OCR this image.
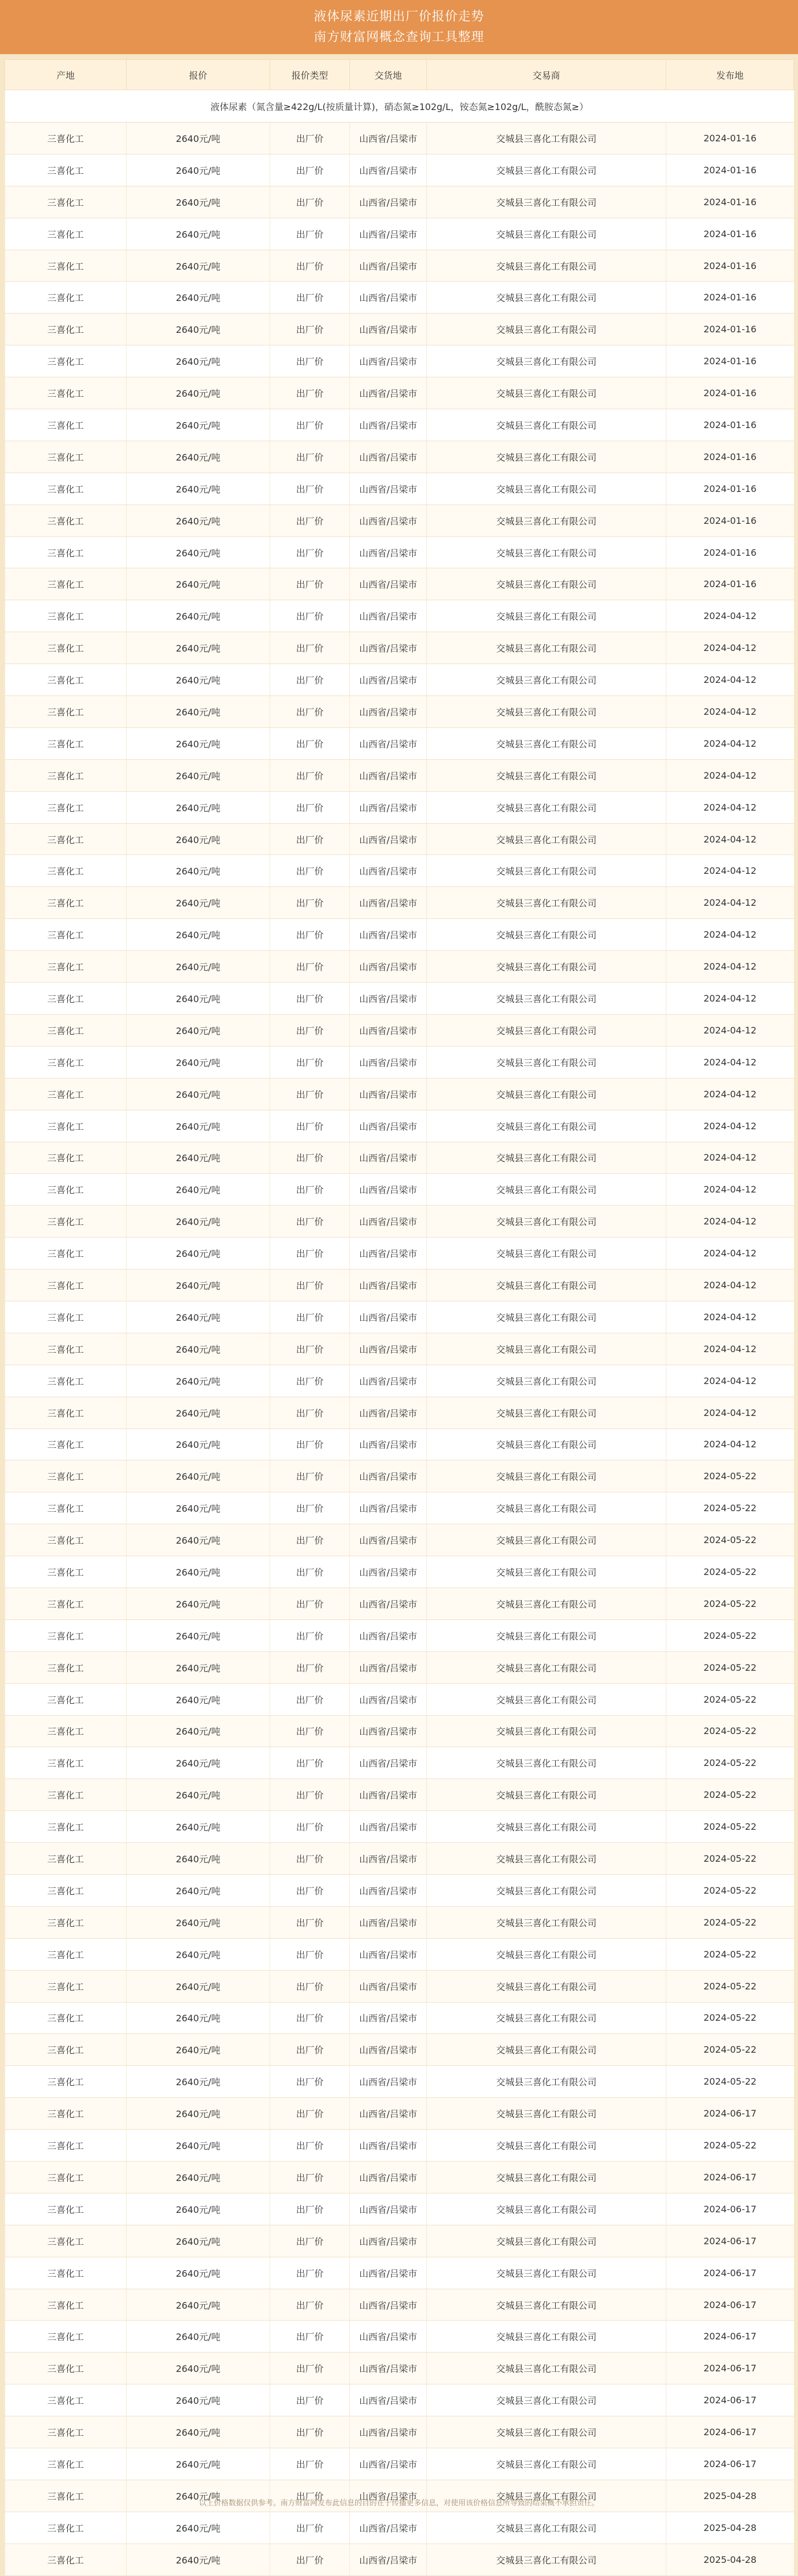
液体尿素近期出厂价报价走势
南方财富网概念查询工具整理
产地	报价	报价类型	交货地	交易商	发布地
液体尿素（氮含量≥422g/L(按质量计算)，硝态氮≥102g/L，铵态氮≥102g/L，酰胺态氮≥）					
三喜化工	2640元/吨	出厂价	山西省/吕梁市	交城县三喜化工有限公司	2024-01-16
三喜化工	2640元/吨	出厂价	山西省/吕梁市	交城县三喜化工有限公司	2024-01-16
三喜化工	2640元/吨	出厂价	山西省/吕梁市	交城县三喜化工有限公司	2024-01-16
三喜化工	2640元/吨	出厂价	山西省/吕梁市	交城县三喜化工有限公司	2024-01-16
三喜化工	2640元/吨	出厂价	山西省/吕梁市	交城县三喜化工有限公司	2024-01-16
三喜化工	2640元/吨	出厂价	山西省/吕梁市	交城县三喜化工有限公司	2024-01-16
三喜化工	2640元/吨	出厂价	山西省/吕梁市	交城县三喜化工有限公司	2024-01-16
三喜化工	2640元/吨	出厂价	山西省/吕梁市	交城县三喜化工有限公司	2024-01-16
三喜化工	2640元/吨	出厂价	山西省/吕梁市	交城县三喜化工有限公司	2024-01-16
三喜化工	2640元/吨	出厂价	山西省/吕梁市	交城县三喜化工有限公司	2024-01-16
三喜化工	2640元/吨	出厂价	山西省/吕梁市	交城县三喜化工有限公司	2024-01-16
三喜化工	2640元/吨	出厂价	山西省/吕梁市	交城县三喜化工有限公司	2024-01-16
三喜化工	2640元/吨	出厂价	山西省/吕梁市	交城县三喜化工有限公司	2024-01-16
三喜化工	2640元/吨	出厂价	山西省/吕梁市	交城县三喜化工有限公司	2024-01-16
三喜化工	2640元/吨	出厂价	山西省/吕梁市	交城县三喜化工有限公司	2024-01-16
三喜化工	2640元/吨	出厂价	山西省/吕梁市	交城县三喜化工有限公司	2024-04-12
三喜化工	2640元/吨	出厂价	山西省/吕梁市	交城县三喜化工有限公司	2024-04-12
三喜化工	2640元/吨	出厂价	山西省/吕梁市	交城县三喜化工有限公司	2024-04-12
三喜化工	2640元/吨	出厂价	山西省/吕梁市	交城县三喜化工有限公司	2024-04-12
三喜化工	2640元/吨	出厂价	山西省/吕梁市	交城县三喜化工有限公司	2024-04-12
三喜化工	2640元/吨	出厂价	山西省/吕梁市	交城县三喜化工有限公司	2024-04-12
三喜化工	2640元/吨	出厂价	山西省/吕梁市	交城县三喜化工有限公司	2024-04-12
三喜化工	2640元/吨	出厂价	山西省/吕梁市	交城县三喜化工有限公司	2024-04-12
三喜化工	2640元/吨	出厂价	山西省/吕梁市	交城县三喜化工有限公司	2024-04-12
三喜化工	2640元/吨	出厂价	山西省/吕梁市	交城县三喜化工有限公司	2024-04-12
三喜化工	2640元/吨	出厂价	山西省/吕梁市	交城县三喜化工有限公司	2024-04-12
三喜化工	2640元/吨	出厂价	山西省/吕梁市	交城县三喜化工有限公司	2024-04-12
三喜化工	2640元/吨	出厂价	山西省/吕梁市	交城县三喜化工有限公司	2024-04-12
三喜化工	2640元/吨	出厂价	山西省/吕梁市	交城县三喜化工有限公司	2024-04-12
三喜化工	2640元/吨	出厂价	山西省/吕梁市	交城县三喜化工有限公司	2024-04-12
三喜化工	2640元/吨	出厂价	山西省/吕梁市	交城县三喜化工有限公司	2024-04-12
三喜化工	2640元/吨	出厂价	山西省/吕梁市	交城县三喜化工有限公司	2024-04-12
三喜化工	2640元/吨	出厂价	山西省/吕梁市	交城县三喜化工有限公司	2024-04-12
三喜化工	2640元/吨	出厂价	山西省/吕梁市	交城县三喜化工有限公司	2024-04-12
三喜化工	2640元/吨	出厂价	山西省/吕梁市	交城县三喜化工有限公司	2024-04-12
三喜化工	2640元/吨	出厂价	山西省/吕梁市	交城县三喜化工有限公司	2024-04-12
三喜化工	2640元/吨	出厂价	山西省/吕梁市	交城县三喜化工有限公司	2024-04-12
三喜化工	2640元/吨	出厂价	山西省/吕梁市	交城县三喜化工有限公司	2024-04-12
三喜化工	2640元/吨	出厂价	山西省/吕梁市	交城县三喜化工有限公司	2024-04-12
三喜化工	2640元/吨	出厂价	山西省/吕梁市	交城县三喜化工有限公司	2024-04-12
三喜化工	2640元/吨	出厂价	山西省/吕梁市	交城县三喜化工有限公司	2024-04-12
三喜化工	2640元/吨	出厂价	山西省/吕梁市	交城县三喜化工有限公司	2024-04-12
三喜化工	2640元/吨	出厂价	山西省/吕梁市	交城县三喜化工有限公司	2024-05-22
三喜化工	2640元/吨	出厂价	山西省/吕梁市	交城县三喜化工有限公司	2024-05-22
三喜化工	2640元/吨	出厂价	山西省/吕梁市	交城县三喜化工有限公司	2024-05-22
三喜化工	2640元/吨	出厂价	山西省/吕梁市	交城县三喜化工有限公司	2024-05-22
三喜化工	2640元/吨	出厂价	山西省/吕梁市	交城县三喜化工有限公司	2024-05-22
三喜化工	2640元/吨	出厂价	山西省/吕梁市	交城县三喜化工有限公司	2024-05-22
三喜化工	2640元/吨	出厂价	山西省/吕梁市	交城县三喜化工有限公司	2024-05-22
三喜化工	2640元/吨	出厂价	山西省/吕梁市	交城县三喜化工有限公司	2024-05-22
三喜化工	2640元/吨	出厂价	山西省/吕梁市	交城县三喜化工有限公司	2024-05-22
三喜化工	2640元/吨	出厂价	山西省/吕梁市	交城县三喜化工有限公司	2024-05-22
三喜化工	2640元/吨	出厂价	山西省/吕梁市	交城县三喜化工有限公司	2024-05-22
三喜化工	2640元/吨	出厂价	山西省/吕梁市	交城县三喜化工有限公司	2024-05-22
三喜化工	2640元/吨	出厂价	山西省/吕梁市	交城县三喜化工有限公司	2024-05-22
三喜化工	2640元/吨	出厂价	山西省/吕梁市	交城县三喜化工有限公司	2024-05-22
三喜化工	2640元/吨	出厂价	山西省/吕梁市	交城县三喜化工有限公司	2024-05-22
三喜化工	2640元/吨	出厂价	山西省/吕梁市	交城县三喜化工有限公司	2024-05-22
三喜化工	2640元/吨	出厂价	山西省/吕梁市	交城县三喜化工有限公司	2024-05-22
三喜化工	2640元/吨	出厂价	山西省/吕梁市	交城县三喜化工有限公司	2024-05-22
三喜化工	2640元/吨	出厂价	山西省/吕梁市	交城县三喜化工有限公司	2024-05-22
三喜化工	2640元/吨	出厂价	山西省/吕梁市	交城县三喜化工有限公司	2024-05-22
三喜化工	2640元/吨	出厂价	山西省/吕梁市	交城县三喜化工有限公司	2024-06-17
三喜化工	2640元/吨	出厂价	山西省/吕梁市	交城县三喜化工有限公司	2024-05-22
三喜化工	2640元/吨	出厂价	山西省/吕梁市	交城县三喜化工有限公司	2024-06-17
三喜化工	2640元/吨	出厂价	山西省/吕梁市	交城县三喜化工有限公司	2024-06-17
三喜化工	2640元/吨	出厂价	山西省/吕梁市	交城县三喜化工有限公司	2024-06-17
三喜化工	2640元/吨	出厂价	山西省/吕梁市	交城县三喜化工有限公司	2024-06-17
三喜化工	2640元/吨	出厂价	山西省/吕梁市	交城县三喜化工有限公司	2024-06-17
三喜化工	2640元/吨	出厂价	山西省/吕梁市	交城县三喜化工有限公司	2024-06-17
三喜化工	2640元/吨	出厂价	山西省/吕梁市	交城县三喜化工有限公司	2024-06-17
三喜化工	2640元/吨	出厂价	山西省/吕梁市	交城县三喜化工有限公司	2024-06-17
三喜化工	2640元/吨	出厂价	山西省/吕梁市	交城县三喜化工有限公司	2024-06-17
三喜化工	2640元/吨	出厂价	山西省/吕梁市	交城县三喜化工有限公司	2024-06-17
三喜化工	2640元/吨	出厂价	山西省/吕梁市	交城县三喜化工有限公司	2025-04-28
三喜化工	2640元/吨	出厂价	山西省/吕梁市	交城县三喜化工有限公司	2025-04-28
三喜化工	2640元/吨	出厂价	山西省/吕梁市	交城县三喜化工有限公司	2025-04-28
以上价格数据仅供参考。南方财富网发布此信息的目的在于传播更多信息，对使用该价格信息所导致的结果概不承担责任。
